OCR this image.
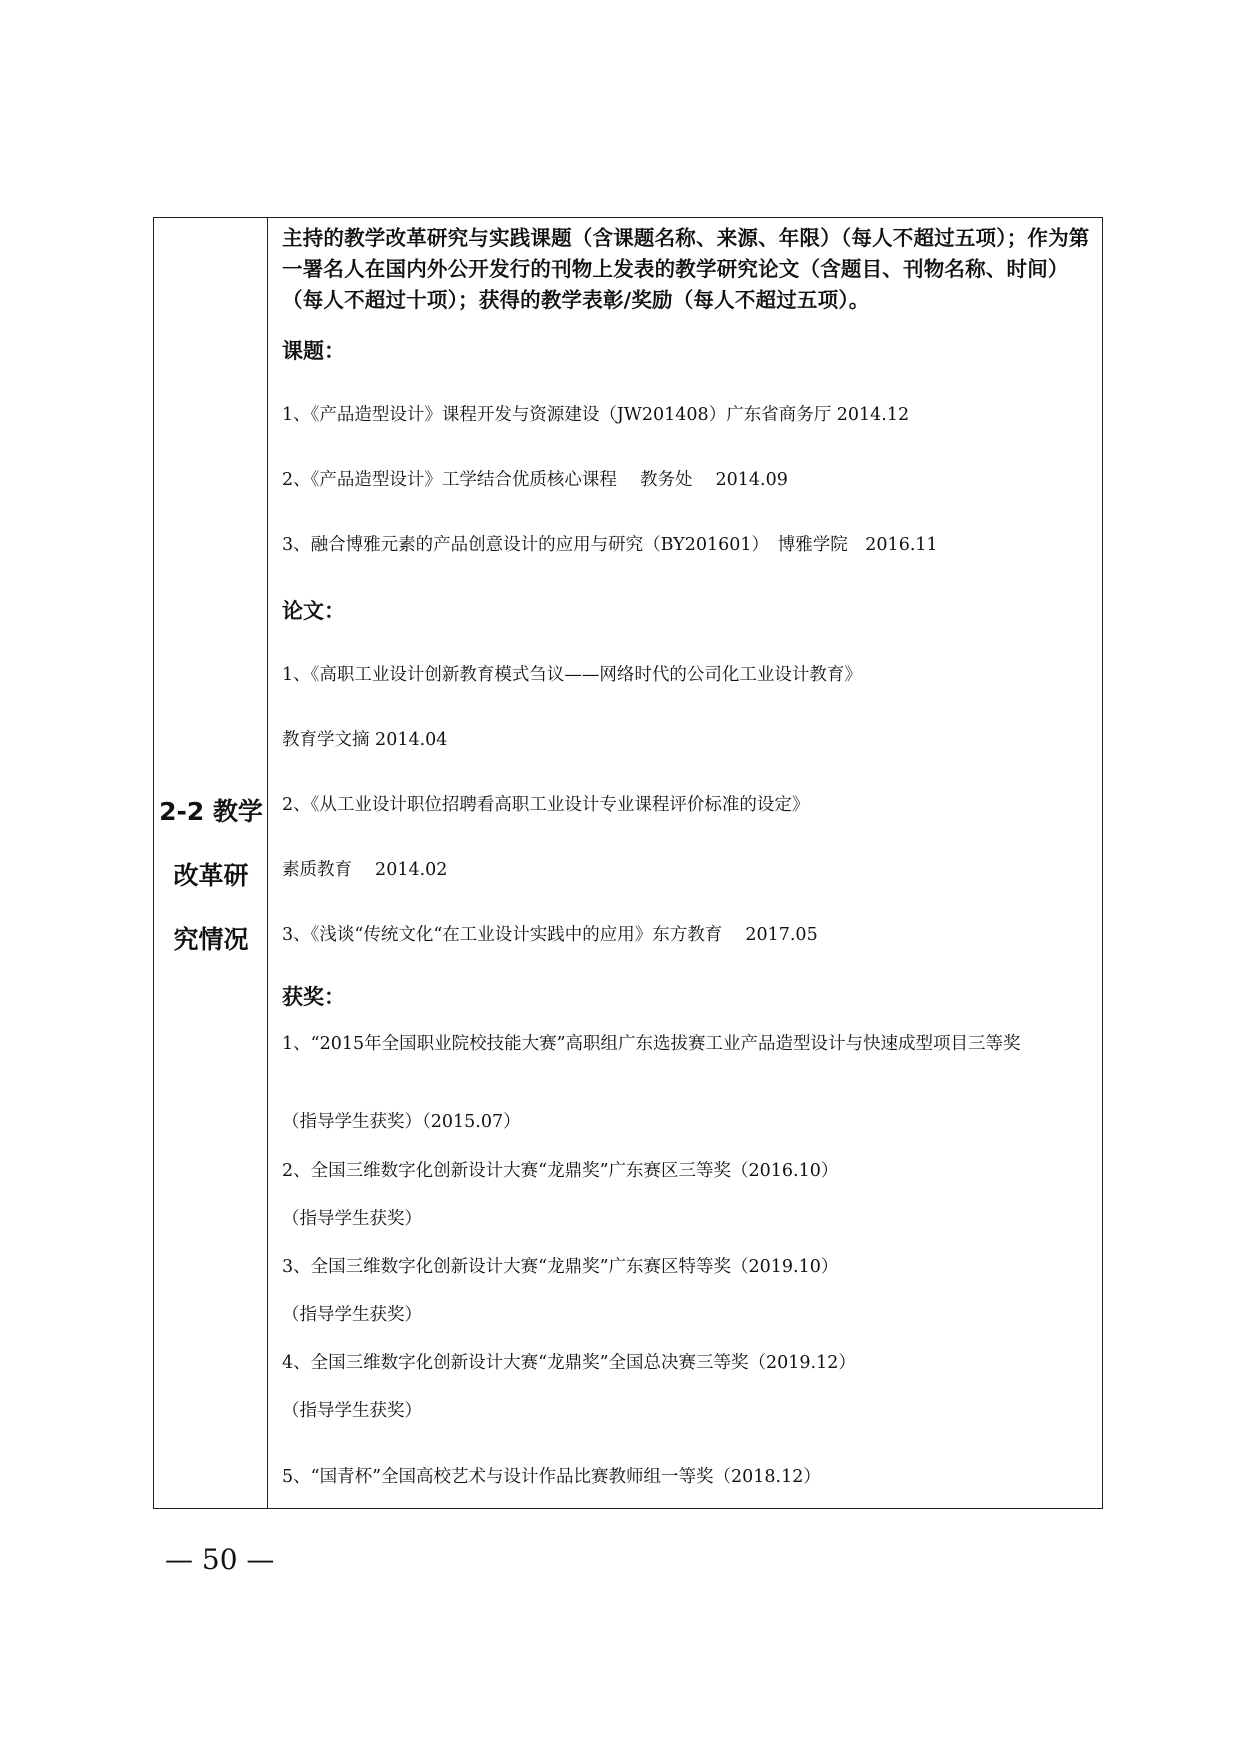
2-2 教学
改革研
究情况
主持的教学改革研究与实践课题（含课题名称、来源、年限）（每人不超过五项）；作为第一署名人在国内外公开发行的刊物上发表的教学研究论文（含题目、刊物名称、时间）（每人不超过十项）；获得的教学表彰/奖励（每人不超过五项）。
课题：
1、《产品造型设计》课程开发与资源建设（JW201408）广东省商务厅 2014.12
2、《产品造型设计》工学结合优质核心课程　 教务处　 2014.09
3、融合博雅元素的产品创意设计的应用与研究（BY201601）　博雅学院　2016.11
论文：
1、《高职工业设计创新教育模式刍议——网络时代的公司化工业设计教育》
教育学文摘 2014.04
2、《从工业设计职位招聘看高职工业设计专业课程评价标准的设定》
素质教育　 2014.02
3、《浅谈“传统文化“在工业设计实践中的应用》东方教育　 2017.05
获奖：
1、“2015年全国职业院校技能大赛”高职组广东选拔赛工业产品造型设计与快速成型项目三等奖
（指导学生获奖）（2015.07）
2、全国三维数字化创新设计大赛“龙鼎奖”广东赛区三等奖（2016.10）
（指导学生获奖）
3、全国三维数字化创新设计大赛“龙鼎奖”广东赛区特等奖（2019.10）
（指导学生获奖）
4、全国三维数字化创新设计大赛“龙鼎奖”全国总决赛三等奖（2019.12）
（指导学生获奖）
5、“国青杯”全国高校艺术与设计作品比赛教师组一等奖（2018.12）
— 50 —
